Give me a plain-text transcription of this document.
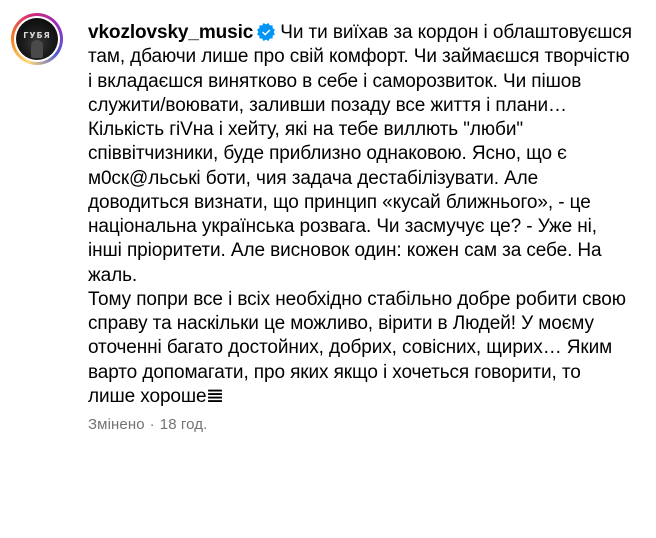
ГУБЯ	vkozlovsky_music Чи ти виїхав за кордон і облаштовуєшся там, дбаючи лише про свій комфорт. Чи займаєшся творчістю і вкладаєшся винятково в себе і саморозвиток. Чи пішов служити/воювати, заливши позаду все життя і плани… Кількість гіVна і хейту, які на тебе виллють "люби" співвітчизники, буде приблизно однаковою. Ясно, що є м0ск@льські боти, чия задача дестабілізувати. Але доводиться визнати, що принцип «кусай ближнього», - це національна українська розвага. Чи засмучує це? - Уже ні, інші пріоритети. Але висновок один: кожен сам за себе. На жаль.
Тому попри все і всіх необхідно стабільно добре робити свою справу та наскільки це можливо, вірити в Людей! У моєму оточенні багато достойних, добрих, совісних, щирих… Яким варто допомагати, про яких якщо і хочеться говорити, то лише хороше𝌆
Змінено · 18 год.
